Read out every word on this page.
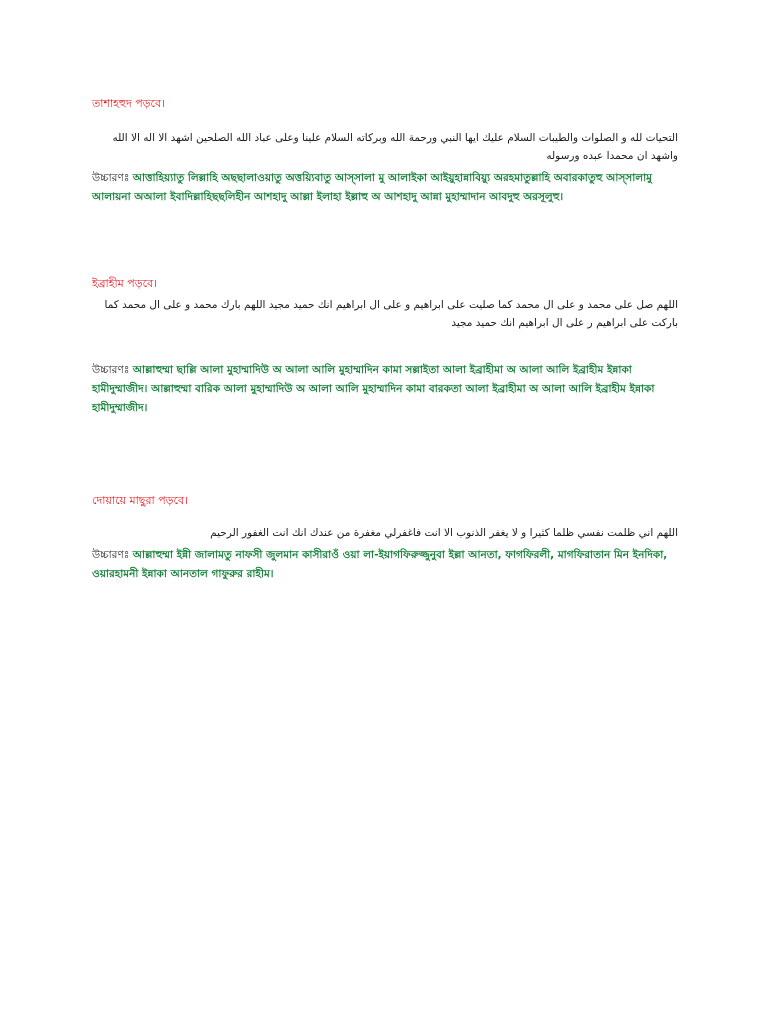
তাশাহহুদ পড়বে।

التحيات لله و الصلوات والطيبات السلام عليك ايها النبي ورحمة الله وبركاته السلام علينا وعلى عباد الله الصلحين اشهد الا اله الا الله واشهد ان محمدا عبده ورسوله

উচ্চারণঃ আত্তাহিয়্যাতু লিল্লাহি অছছালাওয়াতু অত্তয়্যিবাতু আস্সালা মু আলাইকা আইয়ুহান্নাবিয়্যু অরহমাতুল্লাহি অবারকাতুহু আস্সালামু আলায়না অআলা ইবাদিল্লাহিছছলিহীন আশহাদু আল্লা ইলাহা ইল্লাহু অ আশহাদু আন্না মুহাম্মাদান আবদুহু অরসূলুহু।

ইব্রাহীম পড়বে।

اللهم صل على محمد و على ال محمد كما صليت على ابراهيم و على ال ابراهيم انك حميد مجيد اللهم بارك محمد و على ال محمد كما باركت على ابراهيم ر على ال ابراهيم انك حميد مجيد

উচ্চারণঃ আল্লাহুম্মা ছাল্লি আলা মুহাম্মাদিউ অ আলা আলি মুহাম্মাদিন কামা সল্লাইতা আলা ইব্রাহীমা অ আলা আলি ইব্রাহীম ইন্নাকা হামীদুম্মাজীদ। আল্লাহুম্মা বারিক আলা মুহাম্মাদিউ অ আলা আলি মুহাম্মাদিন কামা বারকতা আলা ইব্রাহীমা অ আলা আলি ইব্রাহীম ইন্নাকা হামীদুম্মাজীদ।

দোয়ায়ে মাছুরা পড়বে।

اللهم اني ظلمت نفسي ظلما كثيرا و لا يغفر الذنوب الا انت فاغفرلي مغفرة من عندك انك انت الغفور الرحيم

উচ্চারণঃ আল্লাহুম্মা ইন্নী জালামতু নাফসী জুলমান কাসীরাওঁ ওয়া লা-ইয়াগফিরুজ্জুনুবা ইল্লা আনতা, ফাগফিরলী, মাগফিরাতান মিন ইনদিকা, ওয়ারহামনী ইন্নাকা আনতাল গাফুরুর রাহীম।
